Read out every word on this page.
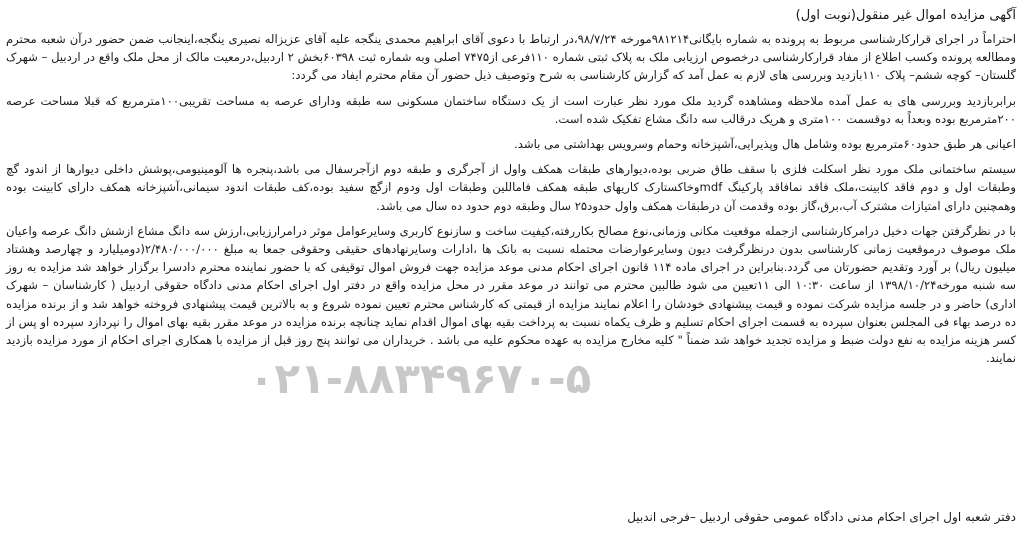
آگهی مزایده اموال غیر منقول(نوبت اول)

احتراماً در اجرای قرارکارشناسی مربوط به پرونده به شماره بایگانی۹۸۱۲۱۴مورخه ۹۸/۷/۲۴،در ارتباط با دعوی آقای ابراهیم محمدی ینگجه علیه آقای عزیزاله نصیری ینگجه،اینجانب ضمن حضور درآن شعبه محترم ومطالعه پرونده وکسب اطلاع از مفاد قرارکارشناسی درخصوص ارزیابی ملک به پلاک ثبتی شماره ۱۱۰فرعی از۷۴۷۵ اصلی وبه شماره ثبت ۶۰۳۹۸بخش ۲ اردبیل،درمعیت مالک از محل ملک واقع در اردبیل – شهرک گلستان– کوچه ششم– پلاک ۱۱۰بازدید وبررسی های لازم به عمل آمد که گزارش کارشناسی به شرح وتوصیف ذیل حضور آن مقام محترم ایفاد می گردد:

برابربازدید وبررسی های به عمل آمده ملاحظه ومشاهده گردید ملک مورد نظر عبارت است از یک دستگاه ساختمان مسکونی سه طبقه ودارای عرصه به مساحت تقریبی۱۰۰مترمربع که قبلا مساحت عرصه ۲۰۰مترمربع بوده وبعداً به دوقسمت ۱۰۰متری و هریک درقالب سه دانگ مشاع تفکیک شده است.

اعیانی هر طبق حدود۶۰مترمربع بوده وشامل هال وپذیرایی،آشپزخانه وحمام وسرویس بهداشتی می باشد.

سیستم ساختمانی ملک مورد نظر اسکلت فلزی با سقف طاق ضربی بوده،دیوارهای طبقات همکف واول از آجرگری و طبقه دوم ازآجرسفال می باشد،پنجره ها آلومینیومی،پوشش داخلی دیوارها از اندود گچ وطبقات اول و دوم فاقد کابینت،ملک فاقد نمافاقد پارکینگ mdfوخاکستارک کاریهای طبقه همکف فاماللین وطبقات اول ودوم ازگچ سفید بوده،کف طبقات اندود سیمانی،آشپزخانه همکف دارای کابینت بوده وهمچنین دارای امتیازات مشترک آب،برق،گاز بوده وقدمت آن درطبقات همکف واول حدود۲۵ سال وطبقه دوم حدود ده سال می باشد.

با در نظرگرفتن جهات دخیل درامرکارشناسی ازجمله موقعیت مکانی وزمانی،نوع مصالح بکاررفته،کیفیت ساخت و سازنوع کاربری وسایرعوامل موثر درامرارزیابی،ارزش سه دانگ مشاع ازشش دانگ عرصه واعیان ملک موصوف درموقعیت زمانی کارشناسی بدون درنظرگرفت دیون وسایرعوارضات محتمله نسبت به بانک ها ،ادارات وسایرنهادهای حقیقی وحقوقی جمعا به مبلغ ۲/۴۸۰/۰۰۰/۰۰۰(دومیلیارد و چهارصد وهشتاد میلیون ریال) بر آورد وتقدیم حضورتان می گردد.بنابراین در اجرای ماده ۱۱۴ قانون اجرای احکام مدنی موعد مزایده جهت فروش اموال توقیفی که با حضور نماینده محترم دادسرا برگزار خواهد شد مزایده به روز سه شنبه مورخه۱۳۹۸/۱۰/۲۴ از ساعت ۱۰:۳۰ الی ۱۱تعیین می شود طالبین محترم می توانند در موعد مقرر در محل مزایده واقع در دفتر اول اجرای احکام مدنی دادگاه حقوقی اردبیل ( کارشناسان – شهرک اداری) حاضر و در جلسه مزایده شرکت نموده و قیمت پیشنهادی خودشان را اعلام نمایند مزایده از قیمتی که کارشناس محترم تعیین نموده شروع و به بالاترین قیمت پیشنهادی فروخته خواهد شد و از برنده مزایده ده درصد بهاء فی المجلس بعنوان سپرده به قسمت اجرای احکام تسلیم و ظرف یکماه نسبت به پرداخت بقیه بهای اموال اقدام نماید چنانچه برنده مزایده در موعد مقرر بقیه بهای اموال را نپردازد سپرده او پس از کسر هزینه مزایده به نفع دولت ضبط و مزایده تجدید خواهد شد ضمناً " کلیه مخارج مزایده به عهده محکوم علیه می باشد . خریداران می توانند پنج روز قبل از مزایده با همکاری اجرای احکام از مورد مزایده بازدید نمایند.

دفتر شعبه اول اجرای احکام مدنی دادگاه عمومی حقوقی اردبیل –فرجی اندبیل
۰۲۱-۸۸۳۴۹۶۷۰-۵
